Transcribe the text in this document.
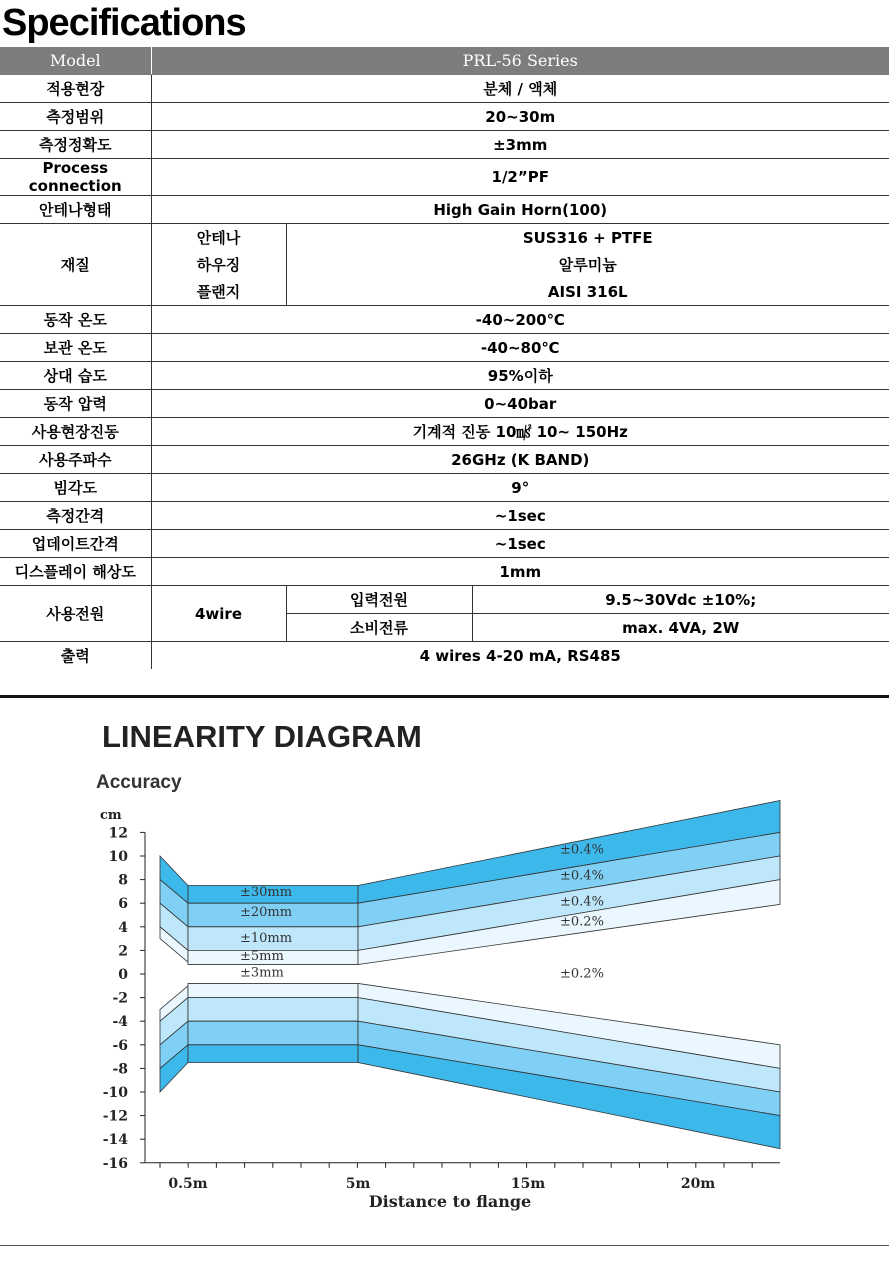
Specifications
Model	PRL-56 Series		
적용현장	분체 / 액체		
측정범위	20~30m		
측정정확도	±3mm		
Process connection	1/2”PF		
안테나형태	High Gain Horn(100)		
재질	안테나	SUS316 + PTFE	
	하우징	알루미늄	
	플랜지	AISI 316L	
동작 온도	-40~200℃		
보관 온도	-40~80℃		
상대 습도	95%이하		
동작 압력	0~40bar		
사용현장진동	기계적 진동 10㎨ 10~ 150Hz		
사용주파수	26GHz (K BAND)		
빔각도	9°		
측정간격	~1sec		
업데이트간격	~1sec		
디스플레이 해상도	1mm		
사용전원	4wire	입력전원	9.5~30Vdc ±10%;
		소비전류	max. 4VA, 2W
출력	4 wires 4-20 mA, RS485		
12
10
8
6
4
2
0
-2
-4
-6
-8
-10
-12
-14
-16
0.5m	5m	15m	20m
LINEARITY DIAGRAM
Accuracy
cm
Distance to flange
±30mm
±20mm
±10mm
±5mm
±3mm
±0.4%
±0.4%
±0.4%
±0.2%
±0.2%
